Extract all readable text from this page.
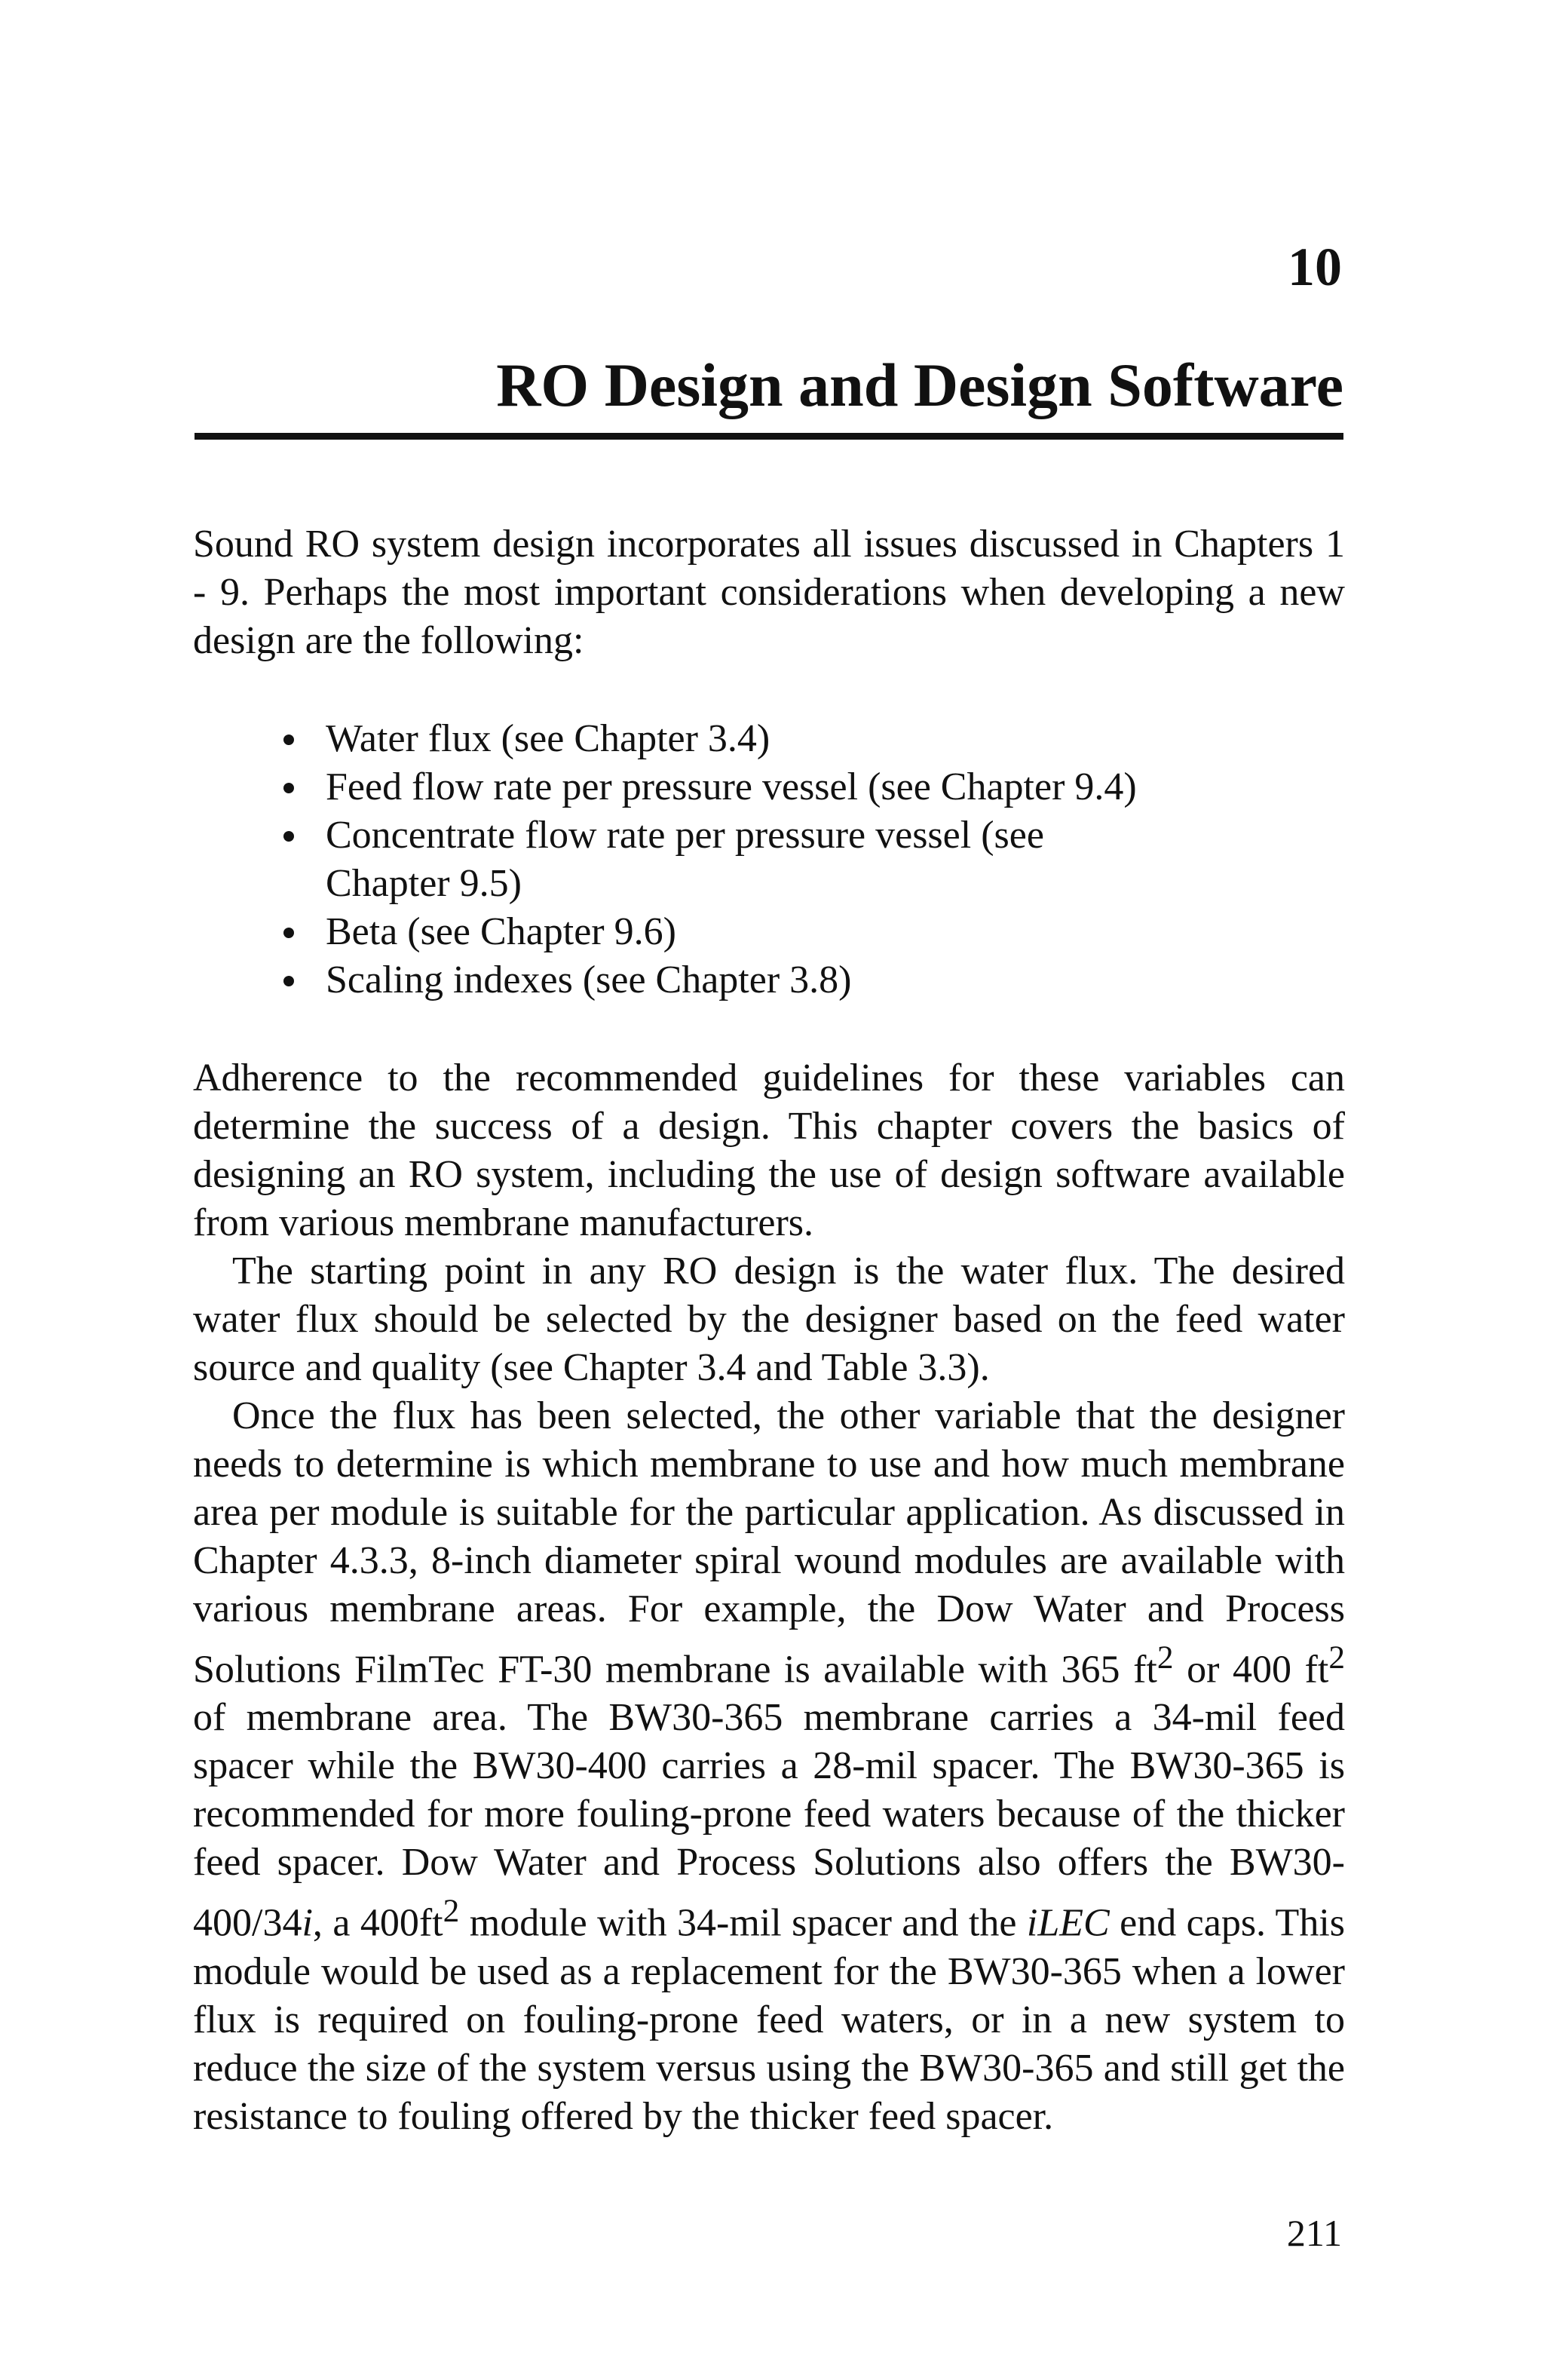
10
RO Design and Design Software

Sound RO system design incorporates all issues discussed in Chapters 1 - 9. Perhaps the most important considerations when developing a new design are the following:

Water flux (see Chapter 3.4)
Feed flow rate per pressure vessel (see Chapter 9.4)
Concentrate flow rate per pressure vessel (see Chapter 9.5)
Beta (see Chapter 9.6)
Scaling indexes (see Chapter 3.8)

Adherence to the recommended guidelines for these variables can determine the success of a design. This chapter covers the basics of designing an RO system, including the use of design software available from various membrane manufacturers.

The starting point in any RO design is the water flux. The desired water flux should be selected by the designer based on the feed water source and quality (see Chapter 3.4 and Table 3.3).

Once the flux has been selected, the other variable that the designer needs to determine is which membrane to use and how much membrane area per module is suitable for the particular application. As discussed in Chapter 4.3.3, 8-inch diameter spiral wound modules are available with various membrane areas. For example, the Dow Water and Process Solutions FilmTec FT-30 membrane is available with 365 $ft^2$ or 400 $ft^2$ of membrane area. The BW30-365 membrane carries a 34-mil feed spacer while the BW30-400 carries a 28-mil spacer. The BW30-365 is recommended for more fouling-prone feed waters because of the thicker feed spacer. Dow Water and Process Solutions also offers the BW30-400/34i, a $400ft^2$ module with 34-mil spacer and the iLEC end caps. This module would be used as a replacement for the BW30-365 when a lower flux is required on fouling-prone feed waters, or in a new system to reduce the size of the system versus using the BW30-365 and still get the resistance to fouling offered by the thicker feed spacer.

211
